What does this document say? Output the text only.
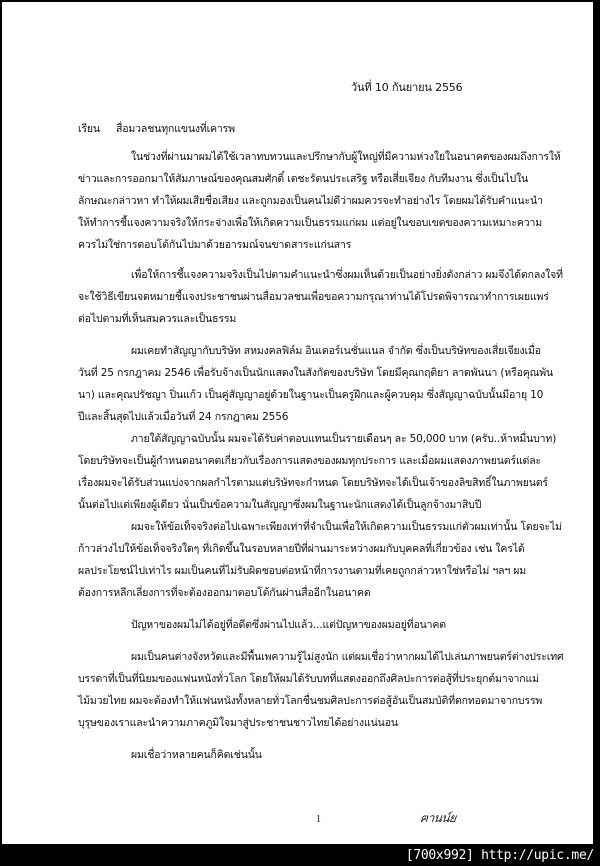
วันที่ 10 กันยายน 2556
เรียน สื่อมวลชนทุกแขนงที่เคารพ
ในช่วงที่ผ่านมาผมได้ใช้เวลาทบทวนและปรึกษากับผู้ใหญ่ที่มีความห่วงใยในอนาคตของผมถึงการให้
ข่าวและการออกมาให้สัมภาษณ์ของคุณสมศักดิ์ เตชะรัตนประเสริฐ หรือเสี่ยเจียง กับทีมงาน ซึ่งเป็นไปใน
ลักษณะกล่าวหา ทำให้ผมเสียชื่อเสียง และถูกมองเป็นคนไม่ดีว่าผมควรจะทำอย่างไร โดยผมได้รับคำแนะนำ
ให้ทำการชี้แจงความจริงให้กระจ่างเพื่อให้เกิดความเป็นธรรมแก่ผม แต่อยู่ในขอบเขตของความเหมาะความ
ควรไม่ใช่การตอบโต้กันไปมาด้วยอารมณ์จนขาดสาระแก่นสาร
เพื่อให้การชี้แจงความจริงเป็นไปตามคำแนะนำซึ่งผมเห็นด้วยเป็นอย่างยิ่งดังกล่าว ผมจึงได้ตกลงใจที่
จะใช้วิธีเขียนจดหมายชี้แจงประชาชนผ่านสื่อมวลชนเพื่อขอความกรุณาท่านได้โปรดพิจารณาทำการเผยแพร่
ต่อไปตามที่เห็นสมควรและเป็นธรรม
ผมเคยทำสัญญากับบริษัท สหมงคลฟิล์ม อินเตอร์เนชั่นแนล จำกัด ซึ่งเป็นบริษัทของเสี่ยเจียงเมื่อ
วันที่ 25 กรกฎาคม 2546 เพื่อรับจ้างเป็นนักแสดงในสังกัดของบริษัท โดยมีคุณกฤติยา ลาดพันนา (หรือคุณพัน
นา) และคุณปรัชญา ปิ่นแก้ว เป็นคู่สัญญาอยู่ด้วยในฐานะเป็นครูฝึกและผู้ควบคุม ซึ่งสัญญาฉบับนั้นมีอายุ 10
ปีและสิ้นสุดไปแล้วเมื่อวันที่ 24 กรกฎาคม 2556
ภายใต้สัญญาฉบับนั้น ผมจะได้รับค่าตอบแทนเป็นรายเดือนๆ ละ 50,000 บาท (ครับ..ห้าหมื่นบาท)
โดยบริษัทจะเป็นผู้กำหนดอนาคตเกี่ยวกับเรื่องการแสดงของผมทุกประการ และเมื่อผมแสดงภาพยนตร์แต่ละ
เรื่องผมจะได้รับส่วนแบ่งจากผลกำไรตามแต่บริษัทจะกำหนด โดยบริษัทจะได้เป็นเจ้าของลิขสิทธิ์ในภาพยนตร์
นั้นต่อไปแต่เพียงผู้เดียว นั่นเป็นข้อความในสัญญาซึ่งผมในฐานะนักแสดงได้เป็นลูกจ้างมาสิบปี
ผมจะให้ข้อเท็จจริงต่อไปเฉพาะเพียงเท่าที่จำเป็นเพื่อให้เกิดความเป็นธรรมแก่ตัวผมเท่านั้น โดยจะไม่
ก้าวล่วงไปให้ข้อเท็จจริงใดๆ ที่เกิดขึ้นในรอบหลายปีที่ผ่านมาระหว่างผมกับบุคคลที่เกี่ยวข้อง เช่น ใครได้
ผลประโยชน์ไปเท่าไร ผมเป็นคนที่ไม่รับผิดชอบต่อหน้าที่การงานตามที่เคยถูกกล่าวหาใช่หรือไม่ ฯลฯ ผม
ต้องการหลีกเลี่ยงการที่จะต้องออกมาตอบโต้กันผ่านสื่ออีกในอนาคต
ปัญหาของผมไม่ได้อยู่ที่อดีตซึ่งผ่านไปแล้ว...แต่ปัญหาของผมอยู่ที่อนาคต
ผมเป็นคนต่างจังหวัดและมีพื้นเพความรู้ไม่สูงนัก แต่ผมเชื่อว่าหากผมได้ไปเล่นภาพยนตร์ต่างประเทศ
บรรดาที่เป็นที่นิยมของแฟนหนังทั่วโลก โดยให้ผมได้รับบทที่แสดงออกถึงศิลปะการต่อสู้ที่ประยุกต์มาจากแม่
ไม้มวยไทย ผมจะต้องทำให้แฟนหนังทั้งหลายทั่วโลกชื่นชมศิลปะการต่อสู้อันเป็นสมบัติที่ตกทอดมาจากบรรพ
บุรุษของเราและนำความภาคภูมิใจมาสู่ประชาชนชาวไทยได้อย่างแน่นอน
ผมเชื่อว่าหลายคนก็คิดเช่นนั้น
1	ฅานน์ย
[700x992] http://upic.me/
